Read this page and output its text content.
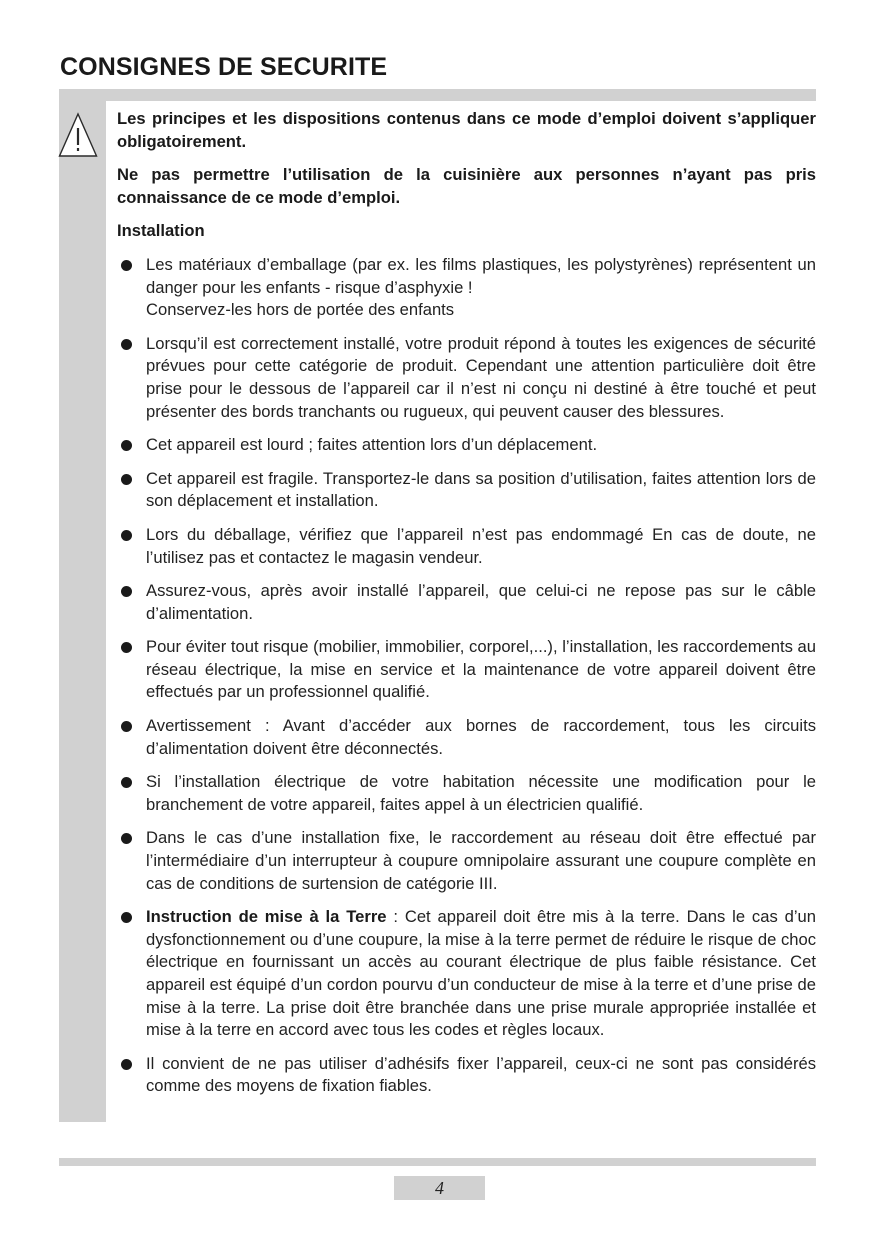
CONSIGNES DE SECURITE

Les principes et les dispositions contenus dans ce mode d’emploi doivent s’appliquer obligatoirement.

Ne pas permettre l’utilisation de la cuisinière aux personnes n’ayant pas pris connaissance de ce mode d’emploi.

Installation

Les matériaux d’emballage (par ex. les films plastiques, les polystyrènes) représentent un danger pour les enfants - risque d’asphyxie !
Conservez-les hors de portée des enfants
Lorsqu’il est correctement installé, votre produit répond à toutes les exigences de sécurité prévues pour cette catégorie de produit. Cependant une attention particulière doit être prise pour le dessous de l’appareil car il n’est ni conçu ni destiné à être touché et peut présenter des bords tranchants ou rugueux, qui peuvent causer des blessures.
Cet appareil est lourd ; faites attention lors d’un déplacement.
Cet appareil est fragile. Transportez-le dans sa position d’utilisation, faites attention lors de son déplacement et installation.
Lors du déballage, vérifiez que l’appareil n’est pas endommagé En cas de doute, ne l’utilisez pas et contactez le magasin vendeur.
Assurez-vous, après avoir installé l’appareil, que celui-ci ne repose pas sur le câble d’alimentation.
Pour éviter tout risque (mobilier, immobilier, corporel,...), l’installation, les raccordements au réseau électrique, la mise en service et la maintenance de votre appareil doivent être effectués par un professionnel qualifié.
Avertissement : Avant d’accéder aux bornes de raccordement, tous les circuits d’alimentation doivent être déconnectés.
Si l’installation électrique de votre habitation nécessite une modification pour le branchement de votre appareil, faites appel à un électricien qualifié.
Dans le cas d’une installation fixe, le raccordement au réseau doit être effectué par l’intermédiaire d’un interrupteur à coupure omnipolaire assurant une coupure complète en cas de conditions de surtension de catégorie III.
Instruction de mise à la Terre : Cet appareil doit être mis à la terre. Dans le cas d’un dysfonctionnement ou d’une coupure, la mise à la terre permet de réduire le risque de choc électrique en fournissant un accès au courant électrique de plus faible résistance. Cet appareil est équipé d’un cordon pourvu d’un conducteur de mise à la terre et d’une prise de mise à la terre. La prise doit être branchée dans une prise murale appropriée installée et mise à la terre en accord avec tous les codes et règles locaux.
Il convient de ne pas utiliser d’adhésifs fixer l’appareil, ceux-ci ne sont pas considérés comme des moyens de fixation fiables.
4
